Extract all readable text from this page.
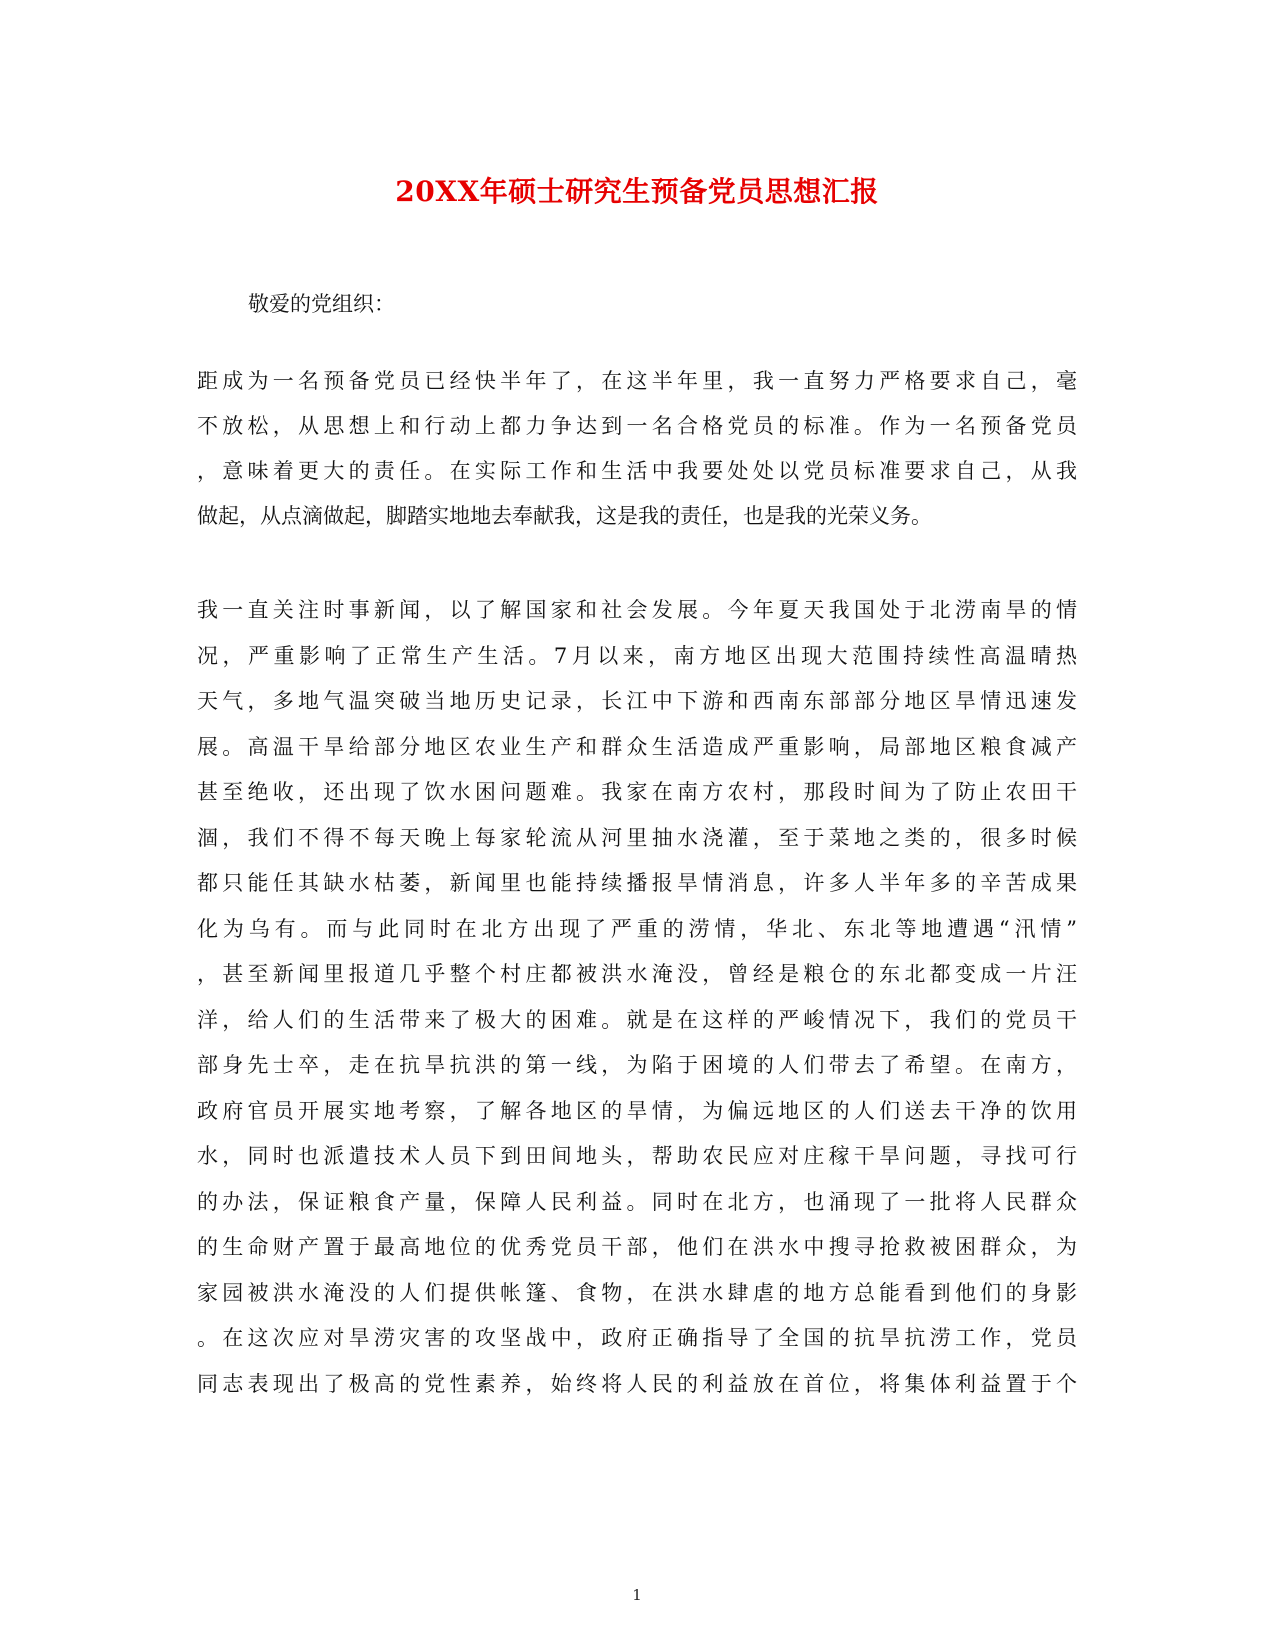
20XX年硕士研究生预备党员思想汇报
敬爱的党组织：
距成为一名预备党员已经快半年了，在这半年里，我一直努力严格要求自己，毫
不放松，从思想上和行动上都力争达到一名合格党员的标准。作为一名预备党员
，意味着更大的责任。在实际工作和生活中我要处处以党员标准要求自己，从我
做起，从点滴做起，脚踏实地地去奉献我，这是我的责任，也是我的光荣义务。
我一直关注时事新闻，以了解国家和社会发展。今年夏天我国处于北涝南旱的情
况，严重影响了正常生产生活。7月以来，南方地区出现大范围持续性高温晴热
天气，多地气温突破当地历史记录，长江中下游和西南东部部分地区旱情迅速发
展。高温干旱给部分地区农业生产和群众生活造成严重影响，局部地区粮食减产
甚至绝收，还出现了饮水困问题难。我家在南方农村，那段时间为了防止农田干
涸，我们不得不每天晚上每家轮流从河里抽水浇灌，至于菜地之类的，很多时候
都只能任其缺水枯萎，新闻里也能持续播报旱情消息，许多人半年多的辛苦成果
化为乌有。而与此同时在北方出现了严重的涝情，华北、东北等地遭遇“汛情”
，甚至新闻里报道几乎整个村庄都被洪水淹没，曾经是粮仓的东北都变成一片汪
洋，给人们的生活带来了极大的困难。就是在这样的严峻情况下，我们的党员干
部身先士卒，走在抗旱抗洪的第一线，为陷于困境的人们带去了希望。在南方，
政府官员开展实地考察，了解各地区的旱情，为偏远地区的人们送去干净的饮用
水，同时也派遣技术人员下到田间地头，帮助农民应对庄稼干旱问题，寻找可行
的办法，保证粮食产量，保障人民利益。同时在北方，也涌现了一批将人民群众
的生命财产置于最高地位的优秀党员干部，他们在洪水中搜寻抢救被困群众，为
家园被洪水淹没的人们提供帐篷、食物，在洪水肆虐的地方总能看到他们的身影
。在这次应对旱涝灾害的攻坚战中，政府正确指导了全国的抗旱抗涝工作，党员
同志表现出了极高的党性素养，始终将人民的利益放在首位，将集体利益置于个
1
